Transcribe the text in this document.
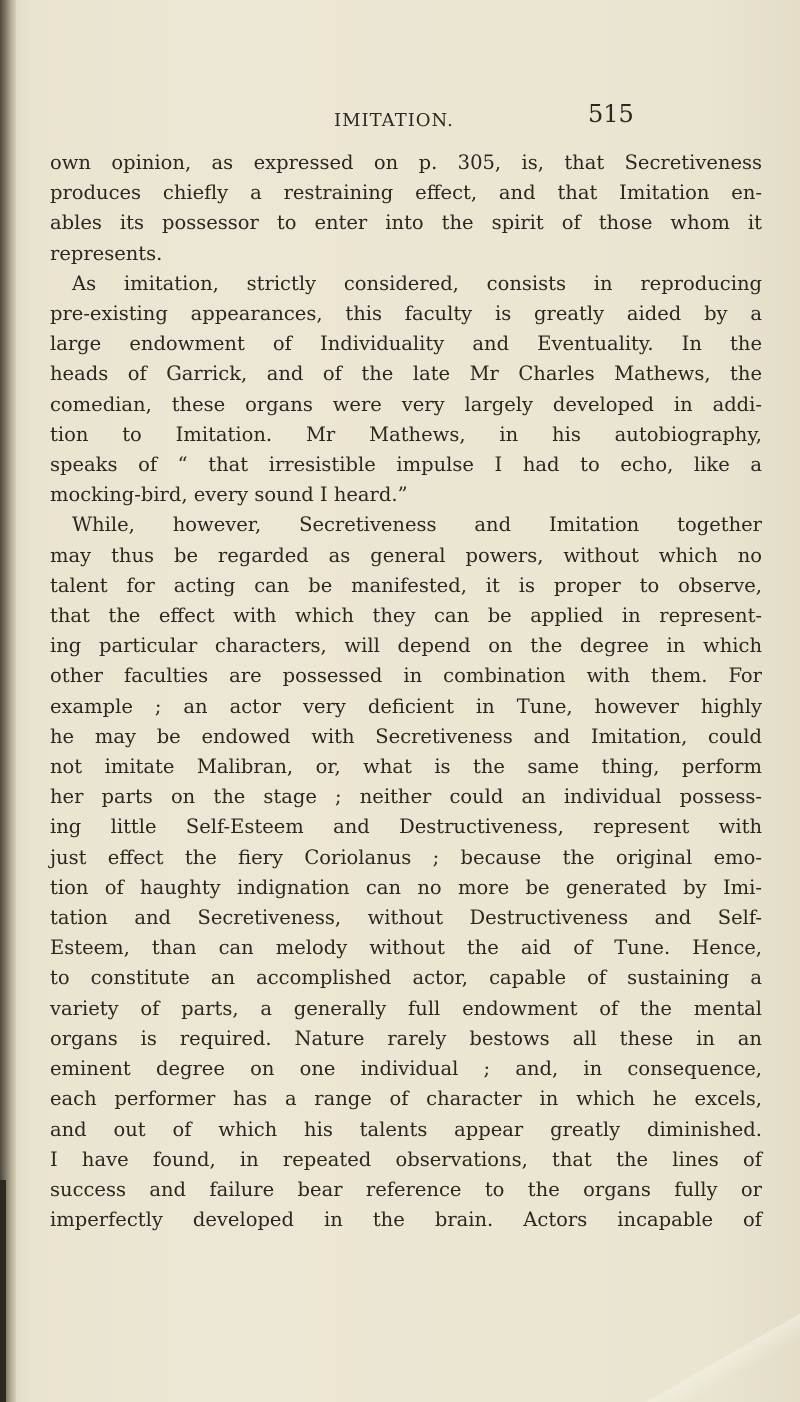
IMITATION.	515
own opinion, as expressed on p. 305, is, that Secretiveness
produces chiefly a restraining effect, and that Imitation en-
ables its possessor to enter into the spirit of those whom it
represents.
As imitation, strictly considered, consists in reproducing
pre-existing appearances, this faculty is greatly aided by a
large endowment of Individuality and Eventuality. In the
heads of Garrick, and of the late Mr Charles Mathews, the
comedian, these organs were very largely developed in addi-
tion to Imitation. Mr Mathews, in his autobiography,
speaks of “ that irresistible impulse I had to echo, like a
mocking-bird, every sound I heard.”
While, however, Secretiveness and Imitation together
may thus be regarded as general powers, without which no
talent for acting can be manifested, it is proper to observe,
that the effect with which they can be applied in represent-
ing particular characters, will depend on the degree in which
other faculties are possessed in combination with them. For
example ; an actor very deficient in Tune, however highly
he may be endowed with Secretiveness and Imitation, could
not imitate Malibran, or, what is the same thing, perform
her parts on the stage ; neither could an individual possess-
ing little Self-Esteem and Destructiveness, represent with
just effect the fiery Coriolanus ; because the original emo-
tion of haughty indignation can no more be generated by Imi-
tation and Secretiveness, without Destructiveness and Self-
Esteem, than can melody without the aid of Tune. Hence,
to constitute an accomplished actor, capable of sustaining a
variety of parts, a generally full endowment of the mental
organs is required. Nature rarely bestows all these in an
eminent degree on one individual ; and, in consequence,
each performer has a range of character in which he excels,
and out of which his talents appear greatly diminished.
I have found, in repeated observations, that the lines of
success and failure bear reference to the organs fully or
imperfectly developed in the brain. Actors incapable of
